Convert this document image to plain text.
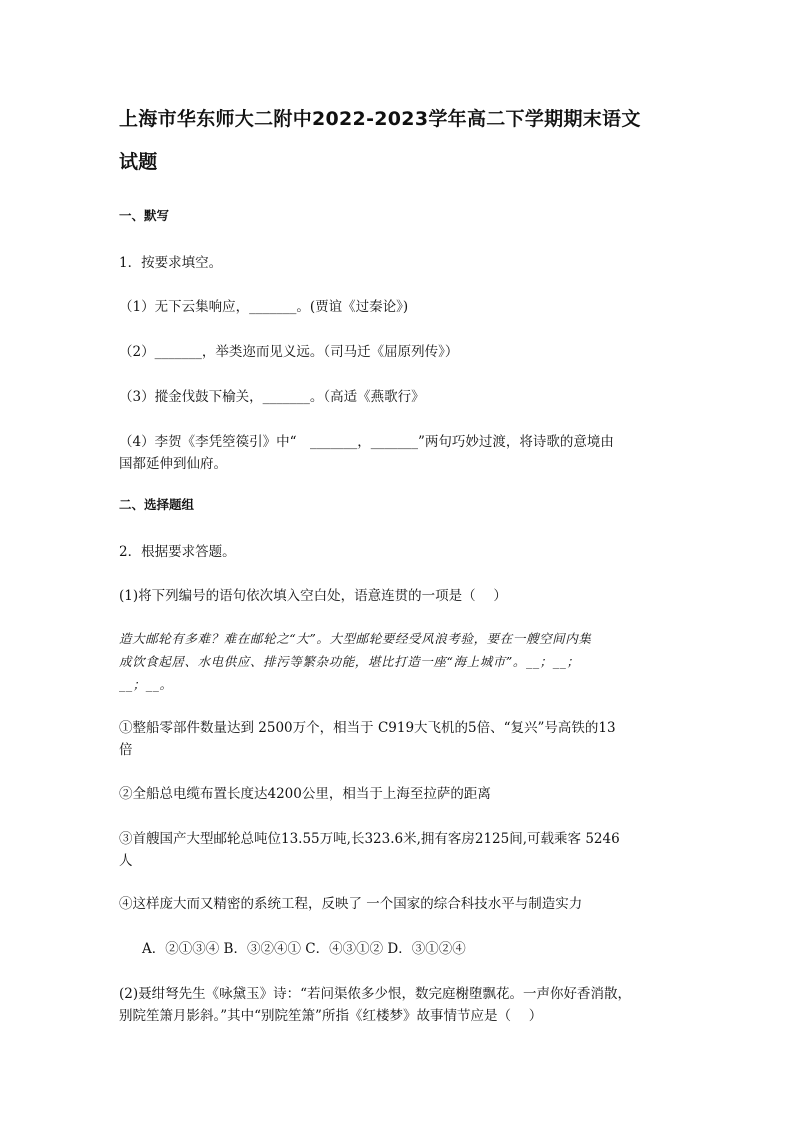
上海市华东师大二附中2022-2023学年高二下学期期末语文
试题
一、默写
1．按要求填空。
（1）无下云集响应，_______。(贾谊《过秦论》)
（2）_______，举类迩而见义远。（司马迁《屈原列传》）
（3）摐金伐鼓下榆关，_______。（高适《燕歌行》
（4）李贺《李凭箜篌引》中“　_______，_______”两句巧妙过渡，将诗歌的意境由
国都延伸到仙府。
二、选择题组
2．根据要求答题。
(1)将下列编号的语句依次填入空白处，语意连贯的一项是（　 ）
造大邮轮有多难？难在邮轮之“大”。大型邮轮要经受风浪考验，要在一艘空间内集
成饮食起居、水电供应、排污等繁杂功能，堪比打造一座“海上城市”。__；__；
__；__。
①整船零部件数量达到 2500万个，相当于 C919大飞机的5倍、“复兴”号高铁的13
倍
②全船总电缆布置长度达4200公里，相当于上海至拉萨的距离
③首艘国产大型邮轮总吨位13.55万吨,长323.6米,拥有客房2125间,可载乘客 5246
人
④这样庞大而又精密的系统工程，反映了 一个国家的综合科技水平与制造实力
A．②①③④ B．③②④① C．④③①② D．③①②④
(2)聂绀弩先生《咏黛玉》诗：“若问渠侬多少恨，数完庭榭堕飘花。一声你好香消散，
别院笙箫月影斜。”其中“别院笙箫”所指《红楼梦》故事情节应是（　 ）
